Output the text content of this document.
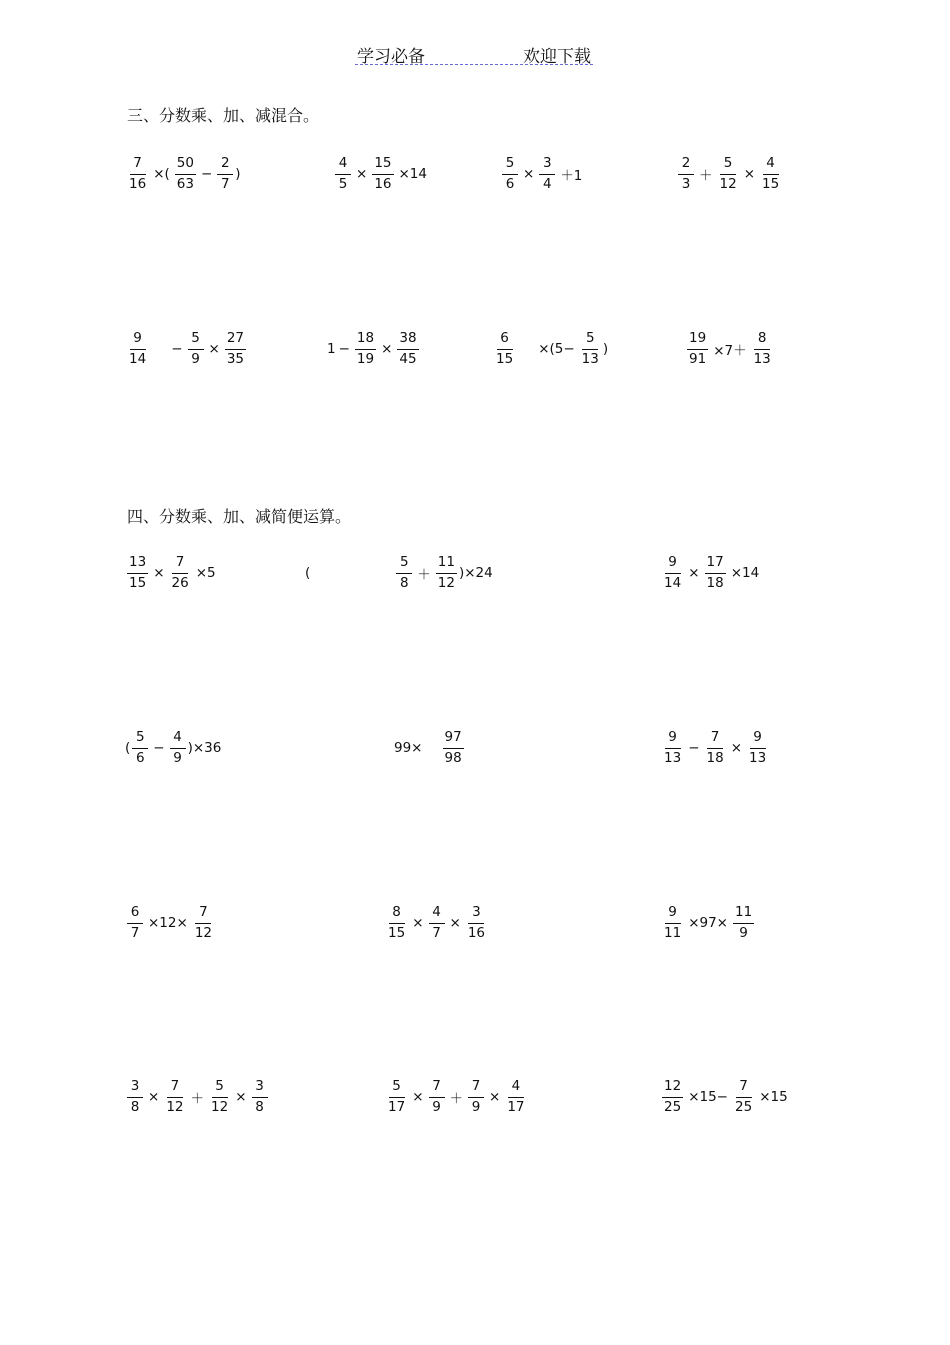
学习必备	欢迎下载
三、分数乘、加、减混合。
$\frac{7}{16}$ ×( $\frac{50}{63} - \frac{2}{7}$ )	$\frac{4}{5} \times \frac{15}{16} \times 14$	$\frac{5}{6} \times \frac{3}{4} +1$	$\frac{2}{3} + \frac{5}{12} \times \frac{4}{15}$
$\frac{9}{14} - \frac{5}{9} \times \frac{27}{35}$	$1 - \frac{18}{19} \times \frac{38}{45}$	$\frac{6}{15} \times(5- \frac{5}{13}$ )	$\frac{19}{91} \times 7+ \frac{8}{13}$
四、分数乘、加、减简便运算。
$\frac{13}{15} \times \frac{7}{26} \times 5$	(	$\frac{5}{8} + \frac{11}{12} )\times 24$	$\frac{9}{14} \times \frac{17}{18} \times 14$
( $\frac{5}{6} - \frac{4}{9} )\times 36$	$99\times \frac{97}{98}$	$\frac{9}{13} - \frac{7}{18} \times \frac{9}{13}$
$\frac{6}{7} \times 12\times \frac{7}{12}$	$\frac{8}{15} \times \frac{4}{7} \times \frac{3}{16}$	$\frac{9}{11} \times 97\times \frac{11}{9}$
$\frac{3}{8} \times \frac{7}{12} + \frac{5}{12} \times \frac{3}{8}$	$\frac{5}{17} \times \frac{7}{9} + \frac{7}{9} \times \frac{4}{17}$	$\frac{12}{25} \times 15- \frac{7}{25} \times 15$
